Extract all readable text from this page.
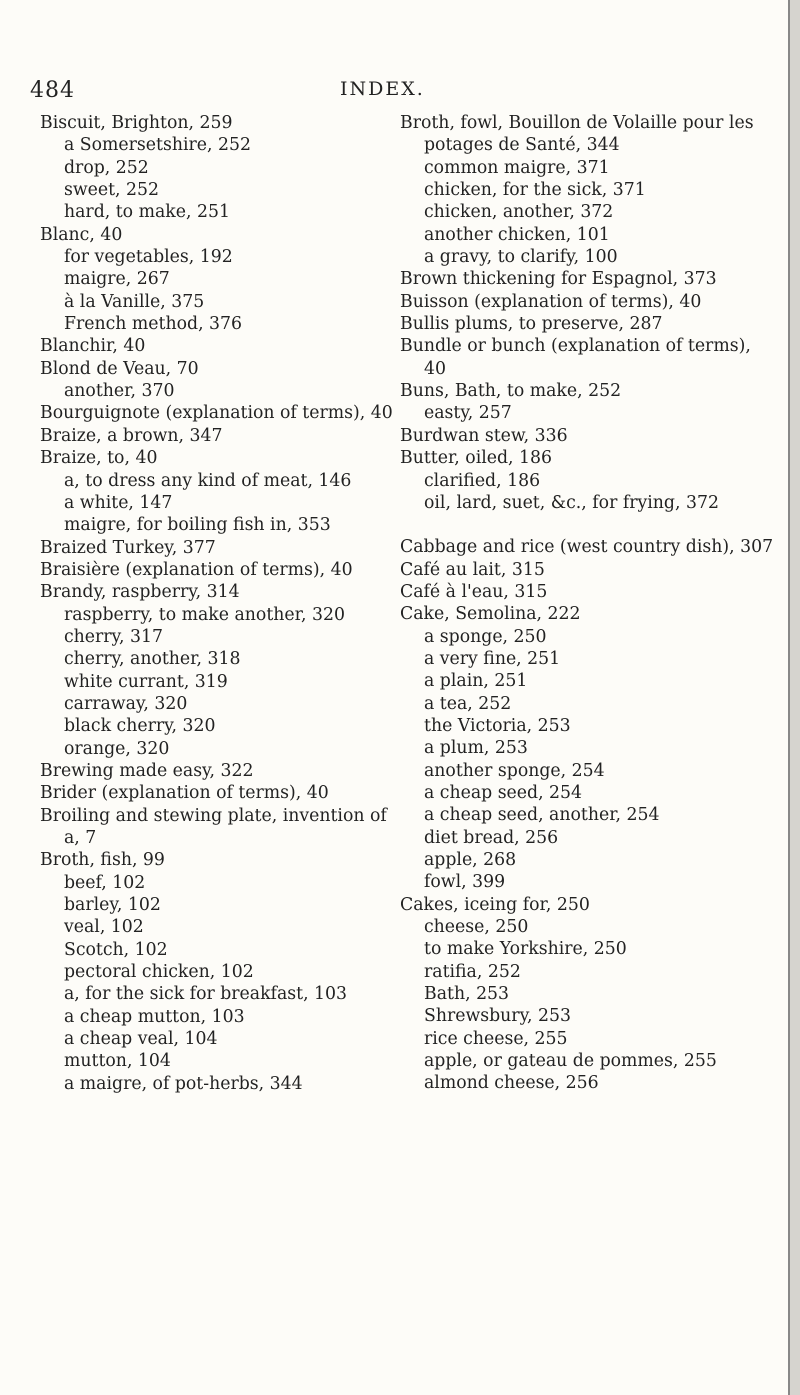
484	INDEX.
Biscuit, Brighton, 259
a Somersetshire, 252
drop, 252
sweet, 252
hard, to make, 251
Blanc, 40
for vegetables, 192
maigre, 267
à la Vanille, 375
French method, 376
Blanchir, 40
Blond de Veau, 70
another, 370
Bourguignote (explanation of terms), 40
Braize, a brown, 347
Braize, to, 40
a, to dress any kind of meat, 146
a white, 147
maigre, for boiling fish in, 353
Braized Turkey, 377
Braisière (explanation of terms), 40
Brandy, raspberry, 314
raspberry, to make another, 320
cherry, 317
cherry, another, 318
white currant, 319
carraway, 320
black cherry, 320
orange, 320
Brewing made easy, 322
Brider (explanation of terms), 40
Broiling and stewing plate, invention of a, 7
Broth, fish, 99
beef, 102
barley, 102
veal, 102
Scotch, 102
pectoral chicken, 102
a, for the sick for breakfast, 103
a cheap mutton, 103
a cheap veal, 104
mutton, 104
a maigre, of pot-herbs, 344
Broth, fowl, Bouillon de Volaille pour les potages de Santé, 344
common maigre, 371
chicken, for the sick, 371
chicken, another, 372
another chicken, 101
a gravy, to clarify, 100
Brown thickening for Espagnol, 373
Buisson (explanation of terms), 40
Bullis plums, to preserve, 287
Bundle or bunch (explanation of terms), 40
Buns, Bath, to make, 252
easty, 257
Burdwan stew, 336
Butter, oiled, 186
clarified, 186
oil, lard, suet, &c., for frying, 372
Cabbage and rice (west country dish), 307
Café au lait, 315
Café à l'eau, 315
Cake, Semolina, 222
a sponge, 250
a very fine, 251
a plain, 251
a tea, 252
the Victoria, 253
a plum, 253
another sponge, 254
a cheap seed, 254
a cheap seed, another, 254
diet bread, 256
apple, 268
fowl, 399
Cakes, iceing for, 250
cheese, 250
to make Yorkshire, 250
ratifia, 252
Bath, 253
Shrewsbury, 253
rice cheese, 255
apple, or gateau de pommes, 255
almond cheese, 256
